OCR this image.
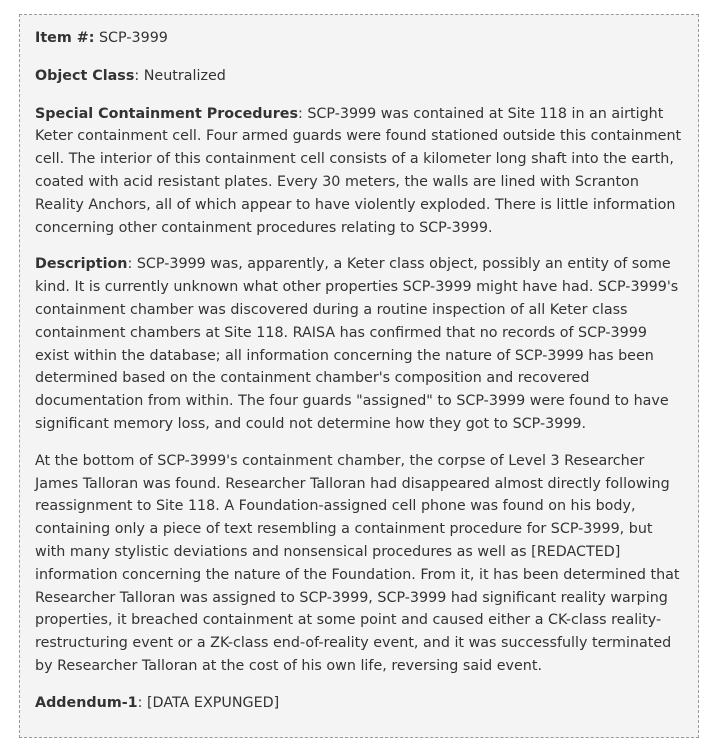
Item #: SCP-3999

Object Class: Neutralized

Special Containment Procedures: SCP-3999 was contained at Site 118 in an airtight Keter containment cell. Four armed guards were found stationed outside this containment cell. The interior of this containment cell consists of a kilometer long shaft into the earth, coated with acid resistant plates. Every 30 meters, the walls are lined with Scranton Reality Anchors, all of which appear to have violently exploded. There is little information concerning other containment procedures relating to SCP-3999.

Description: SCP-3999 was, apparently, a Keter class object, possibly an entity of some kind. It is currently unknown what other properties SCP-3999 might have had. SCP-3999's containment chamber was discovered during a routine inspection of all Keter class containment chambers at Site 118. RAISA has confirmed that no records of SCP-3999 exist within the database; all information concerning the nature of SCP-3999 has been determined based on the containment chamber's composition and recovered documentation from within. The four guards "assigned" to SCP-3999 were found to have significant memory loss, and could not determine how they got to SCP-3999.

At the bottom of SCP-3999's containment chamber, the corpse of Level 3 Researcher James Talloran was found. Researcher Talloran had disappeared almost directly following reassignment to Site 118. A Foundation-assigned cell phone was found on his body, containing only a piece of text resembling a containment procedure for SCP-3999, but with many stylistic deviations and nonsensical procedures as well as [REDACTED] information concerning the nature of the Foundation. From it, it has been determined that Researcher Talloran was assigned to SCP-3999, SCP-3999 had significant reality warping properties, it breached containment at some point and caused either a CK-class reality-restructuring event or a ZK-class end-of-reality event, and it was successfully terminated by Researcher Talloran at the cost of his own life, reversing said event.

Addendum-1: [DATA EXPUNGED]
